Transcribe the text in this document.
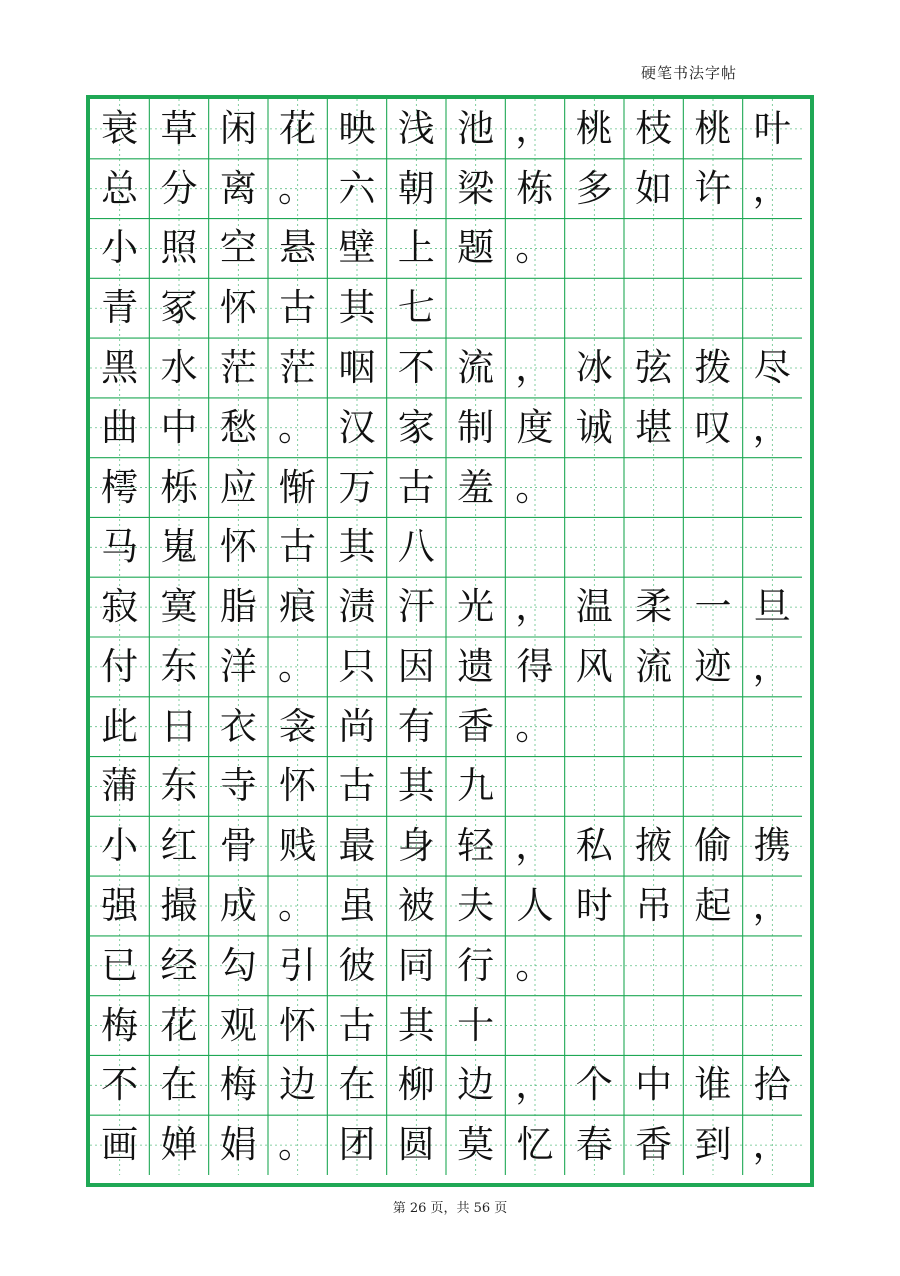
硬笔书法字帖
衰 草 闲 花 映 浅 池 ， 桃 枝 桃 叶
总 分 离 。 六 朝 梁 栋 多 如 许 ，
小 照 空 悬 壁 上 题 。
青 冢 怀 古 其 七
黑 水 茫 茫 咽 不 流 ， 冰 弦 拨 尽
曲 中 愁 。 汉 家 制 度 诚 堪 叹 ，
樗 栎 应 惭 万 古 羞 。
马 嵬 怀 古 其 八
寂 寞 脂 痕 渍 汗 光 ， 温 柔 一 旦
付 东 洋 。 只 因 遗 得 风 流 迹 ，
此 日 衣 衾 尚 有 香 。
蒲 东 寺 怀 古 其 九
小 红 骨 贱 最 身 轻 ， 私 掖 偷 携
强 撮 成 。 虽 被 夫 人 时 吊 起 ，
已 经 勾 引 彼 同 行 。
梅 花 观 怀 古 其 十
不 在 梅 边 在 柳 边 ， 个 中 谁 拾
画 婵 娟 。 团 圆 莫 忆 春 香 到 ，
第 26 页，共 56 页
